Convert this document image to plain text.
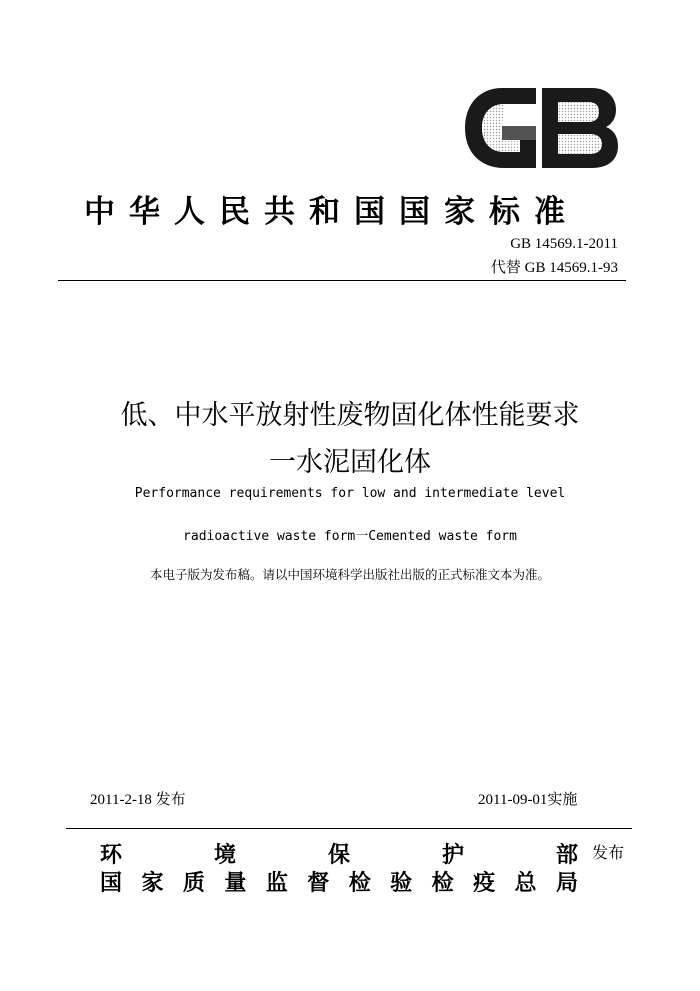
中华人民共和国国家标准
GB 14569.1-2011
代替 GB 14569.1-93
低、中水平放射性废物固化体性能要求
一水泥固化体
Performance requirements for low and intermediate level
radioactive waste form一Cemented waste form
本电子版为发布稿。请以中国环境科学出版社出版的正式标准文本为准。
2011-2-18 发布	2011-09-01实施
环	境	保	护	部
国 家 质 量 监 督 检 验 检 疫 总 局
发布
